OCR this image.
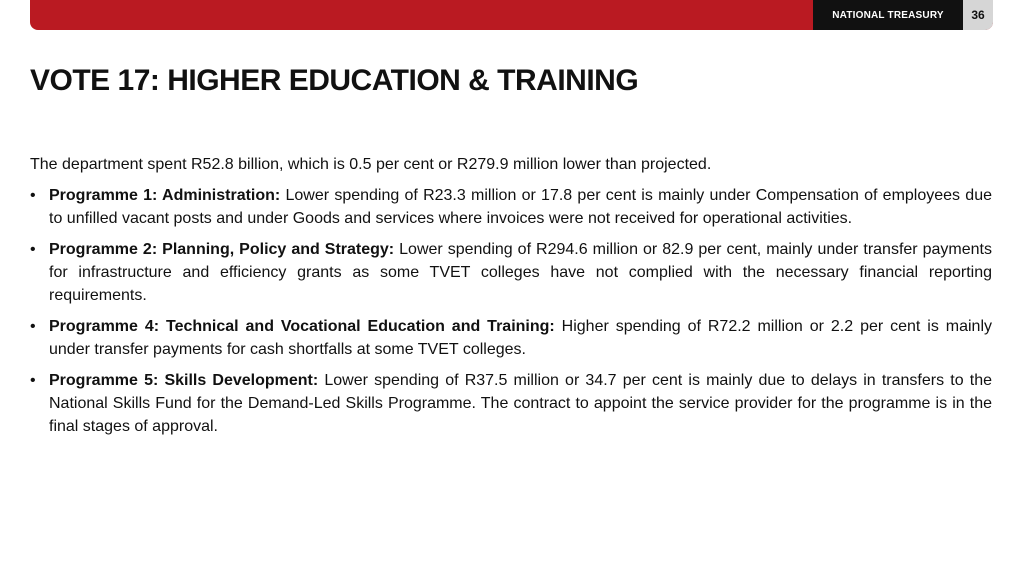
NATIONAL TREASURY	36
VOTE 17: HIGHER EDUCATION & TRAINING

The department spent R52.8 billion, which is 0.5 per cent or R279.9 million lower than projected.

• Programme 1: Administration: Lower spending of R23.3 million or 17.8 per cent is mainly under Compensation of employees due to unfilled vacant posts and under Goods and services where invoices were not received for operational activities.
• Programme 2: Planning, Policy and Strategy: Lower spending of R294.6 million or 82.9 per cent, mainly under transfer payments for infrastructure and efficiency grants as some TVET colleges have not complied with the necessary financial reporting requirements.
• Programme 4: Technical and Vocational Education and Training: Higher spending of R72.2 million or 2.2 per cent is mainly under transfer payments for cash shortfalls at some TVET colleges.
• Programme 5: Skills Development: Lower spending of R37.5 million or 34.7 per cent is mainly due to delays in transfers to the National Skills Fund for the Demand-Led Skills Programme. The contract to appoint the service provider for the programme is in the final stages of approval.
